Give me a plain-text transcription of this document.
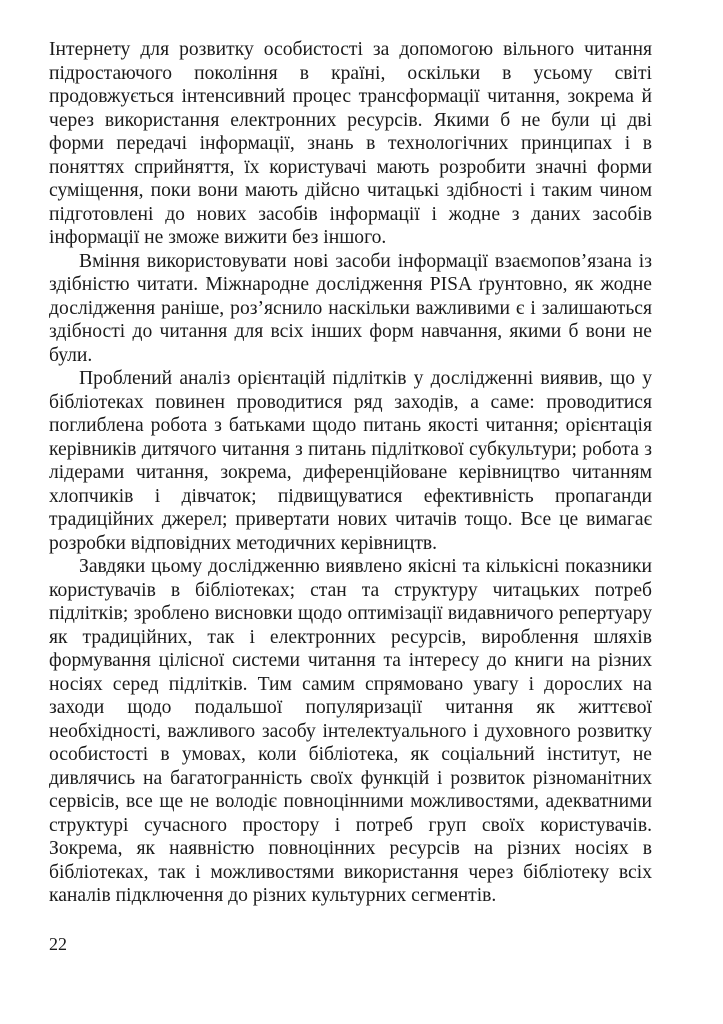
Інтернету для розвитку особистості за допомогою вільного читання підростаючого покоління в країні, оскільки в усьому світі продовжується інтенсивний процес трансформації читання, зокрема й через використання електронних ресурсів. Якими б не були ці дві форми передачі інформації, знань в технологічних принципах і в поняттях сприйняття, їх користувачі мають розробити значні форми суміщення, поки вони мають дійсно читацькі здібності і таким чином підготовлені до нових засобів інформації і жодне з даних засобів інформації не зможе вижити без іншого.

Вміння використовувати нові засоби інформації взаємопов’язана із здібністю читати. Міжнародне дослідження PISA ґрунтовно, як жодне дослідження раніше, роз’яснило наскільки важливими є і залишаються здібності до читання для всіх інших форм навчання, якими б вони не були.

Проблений аналіз орієнтацій підлітків у дослідженні виявив, що у бібліотеках повинен проводитися ряд заходів, а саме: проводитися поглиблена робота з батьками щодо питань якості читання; орієнтація керівників дитячого читання з питань підліткової субкультури; робота з лідерами читання, зокрема, диференційоване керівництво читанням хлопчиків і дівчаток; підвищуватися ефективність пропаганди традиційних джерел; привертати нових читачів тощо. Все це вимагає розробки відповідних методичних керівництв.

Завдяки цьому дослідженню виявлено якісні та кількісні показники користувачів в бібліотеках; стан та структуру читацьких потреб підлітків; зроблено висновки щодо оптимізації видавничого репертуару як традиційних, так і електронних ресурсів, вироблення шляхів формування цілісної системи читання та інтересу до книги на різних носіях серед підлітків. Тим самим спрямовано увагу і дорослих на заходи щодо подальшої популяризації читання як життєвої необхідності, важливого засобу інтелектуального і духовного розвитку особистості в умовах, коли бібліотека, як соціальний інститут, не дивлячись на багатогранність своїх функцій і розвиток різноманітних сервісів, все ще не володіє повноцінними можливостями, адекватними структурі сучасного простору і потреб груп своїх користувачів. Зокрема, як наявністю повноцінних ресурсів на різних носіях в бібліотеках, так і можливостями використання через бібліотеку всіх каналів підключення до різних культурних сегментів.

22
